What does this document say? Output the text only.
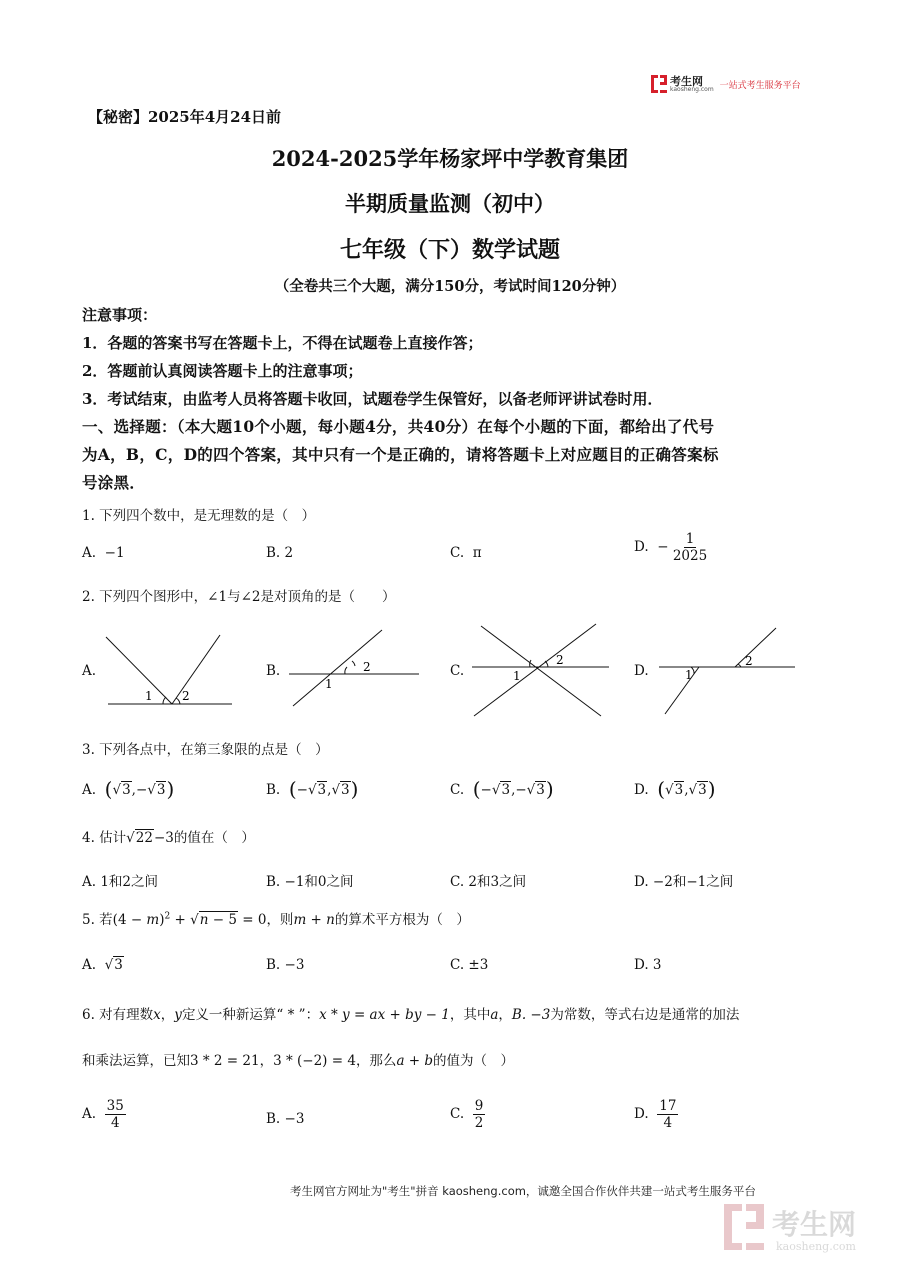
考生网
kaosheng.com 一站式考生服务平台
【秘密】2025年4月24日前
2024-2025学年杨家坪中学教育集团
半期质量监测（初中）
七年级（下）数学试题
（全卷共三个大题，满分150分，考试时间120分钟）
注意事项：
1．各题的答案书写在答题卡上，不得在试题卷上直接作答；
2．答题前认真阅读答题卡上的注意事项；
3．考试结束，由监考人员将答题卡收回，试题卷学生保管好，以备老师评讲试卷时用．
一、选择题：（本大题10个小题，每小题4分，共40分）在每个小题的下面，都给出了代号
为A，B，C，D的四个答案，其中只有一个是正确的，请将答题卡上对应题目的正确答案标
号涂黑．
1. 下列四个数中，是无理数的是（　）
A. −1	B. 2	C. π	D. − $\frac{1}{2025}$
2. 下列四个图形中，∠1与∠2是对顶角的是（　　）
A.	B.	C.	D.
1 2
1
2
1
2
1
2
3. 下列各点中，在第三象限的点是（　）
A. (√3,−√3)	B. (−√3,√3)	C. (−√3,−√3)	D. (√3,√3)
4. 估计√22−3的值在（　）
A. 1和2之间	B. −1和0之间	C. 2和3之间	D. −2和−1之间
5. 若$(4 - m)^2 + √n - 5 = 0$，则m + n的算术平方根为（　）
A. √3	B. −3	C. ±3	D. 3
6. 对有理数x，y定义一种新运算“ * ”：x * y = ax + by − 1，其中a，B. −3为常数，等式右边是通常的加法
和乘法运算，已知3 * 2 = 21，3 * (−2) = 4，那么a + b的值为（　）
A. $\frac{35}{4}$	B. −3	C. $\frac{9}{2}$	D. $\frac{17}{4}$
考生网官方网址为"考生"拼音 kaosheng.com，诚邀全国合作伙伴共建一站式考生服务平台
考生网
kaosheng.com
